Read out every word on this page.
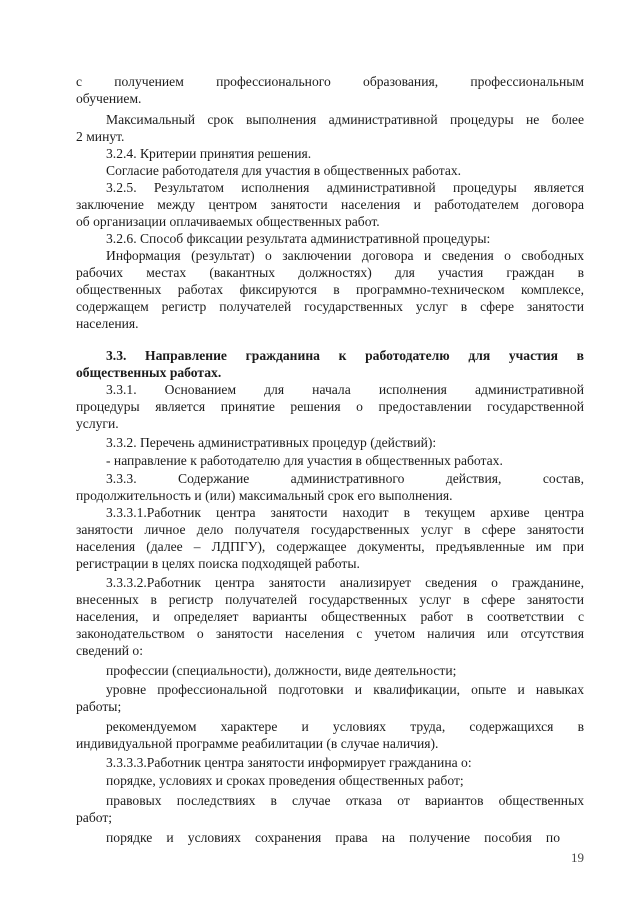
с получением профессионального образования, профессиональным
обучением.
Максимальный срок выполнения административной процедуры не более
2 минут.
3.2.4. Критерии принятия решения.
Согласие работодателя для участия в общественных работах.
3.2.5. Результатом исполнения административной процедуры является
заключение между центром занятости населения и работодателем договора
об организации оплачиваемых общественных работ.
3.2.6. Способ фиксации результата административной процедуры:
Информация (результат) о заключении договора и сведения о свободных
рабочих местах (вакантных должностях) для участия граждан в
общественных работах фиксируются в программно-техническом комплексе,
содержащем регистр получателей государственных услуг в сфере занятости
населения.
3.3. Направление гражданина к работодателю для участия в
общественных работах.
3.3.1. Основанием для начала исполнения административной
процедуры является принятие решения о предоставлении государственной
услуги.
3.3.2. Перечень административных процедур (действий):
- направление к работодателю для участия в общественных работах.
3.3.3. Содержание административного действия, состав,
продолжительность и (или) максимальный срок его выполнения.
3.3.3.1.Работник центра занятости находит в текущем архиве центра
занятости личное дело получателя государственных услуг в сфере занятости
населения (далее – ЛДПГУ), содержащее документы, предъявленные им при
регистрации в целях поиска подходящей работы.
3.3.3.2.Работник центра занятости анализирует сведения о гражданине,
внесенных в регистр получателей государственных услуг в сфере занятости
населения, и определяет варианты общественных работ в соответствии с
законодательством о занятости населения с учетом наличия или отсутствия
сведений о:
профессии (специальности), должности, виде деятельности;
уровне профессиональной подготовки и квалификации, опыте и навыках
работы;
рекомендуемом характере и условиях труда, содержащихся в
индивидуальной программе реабилитации (в случае наличия).
3.3.3.3.Работник центра занятости информирует гражданина о:
порядке, условиях и сроках проведения общественных работ;
правовых последствиях в случае отказа от вариантов общественных
работ;
порядке и условиях сохранения права на получение пособия по
19
